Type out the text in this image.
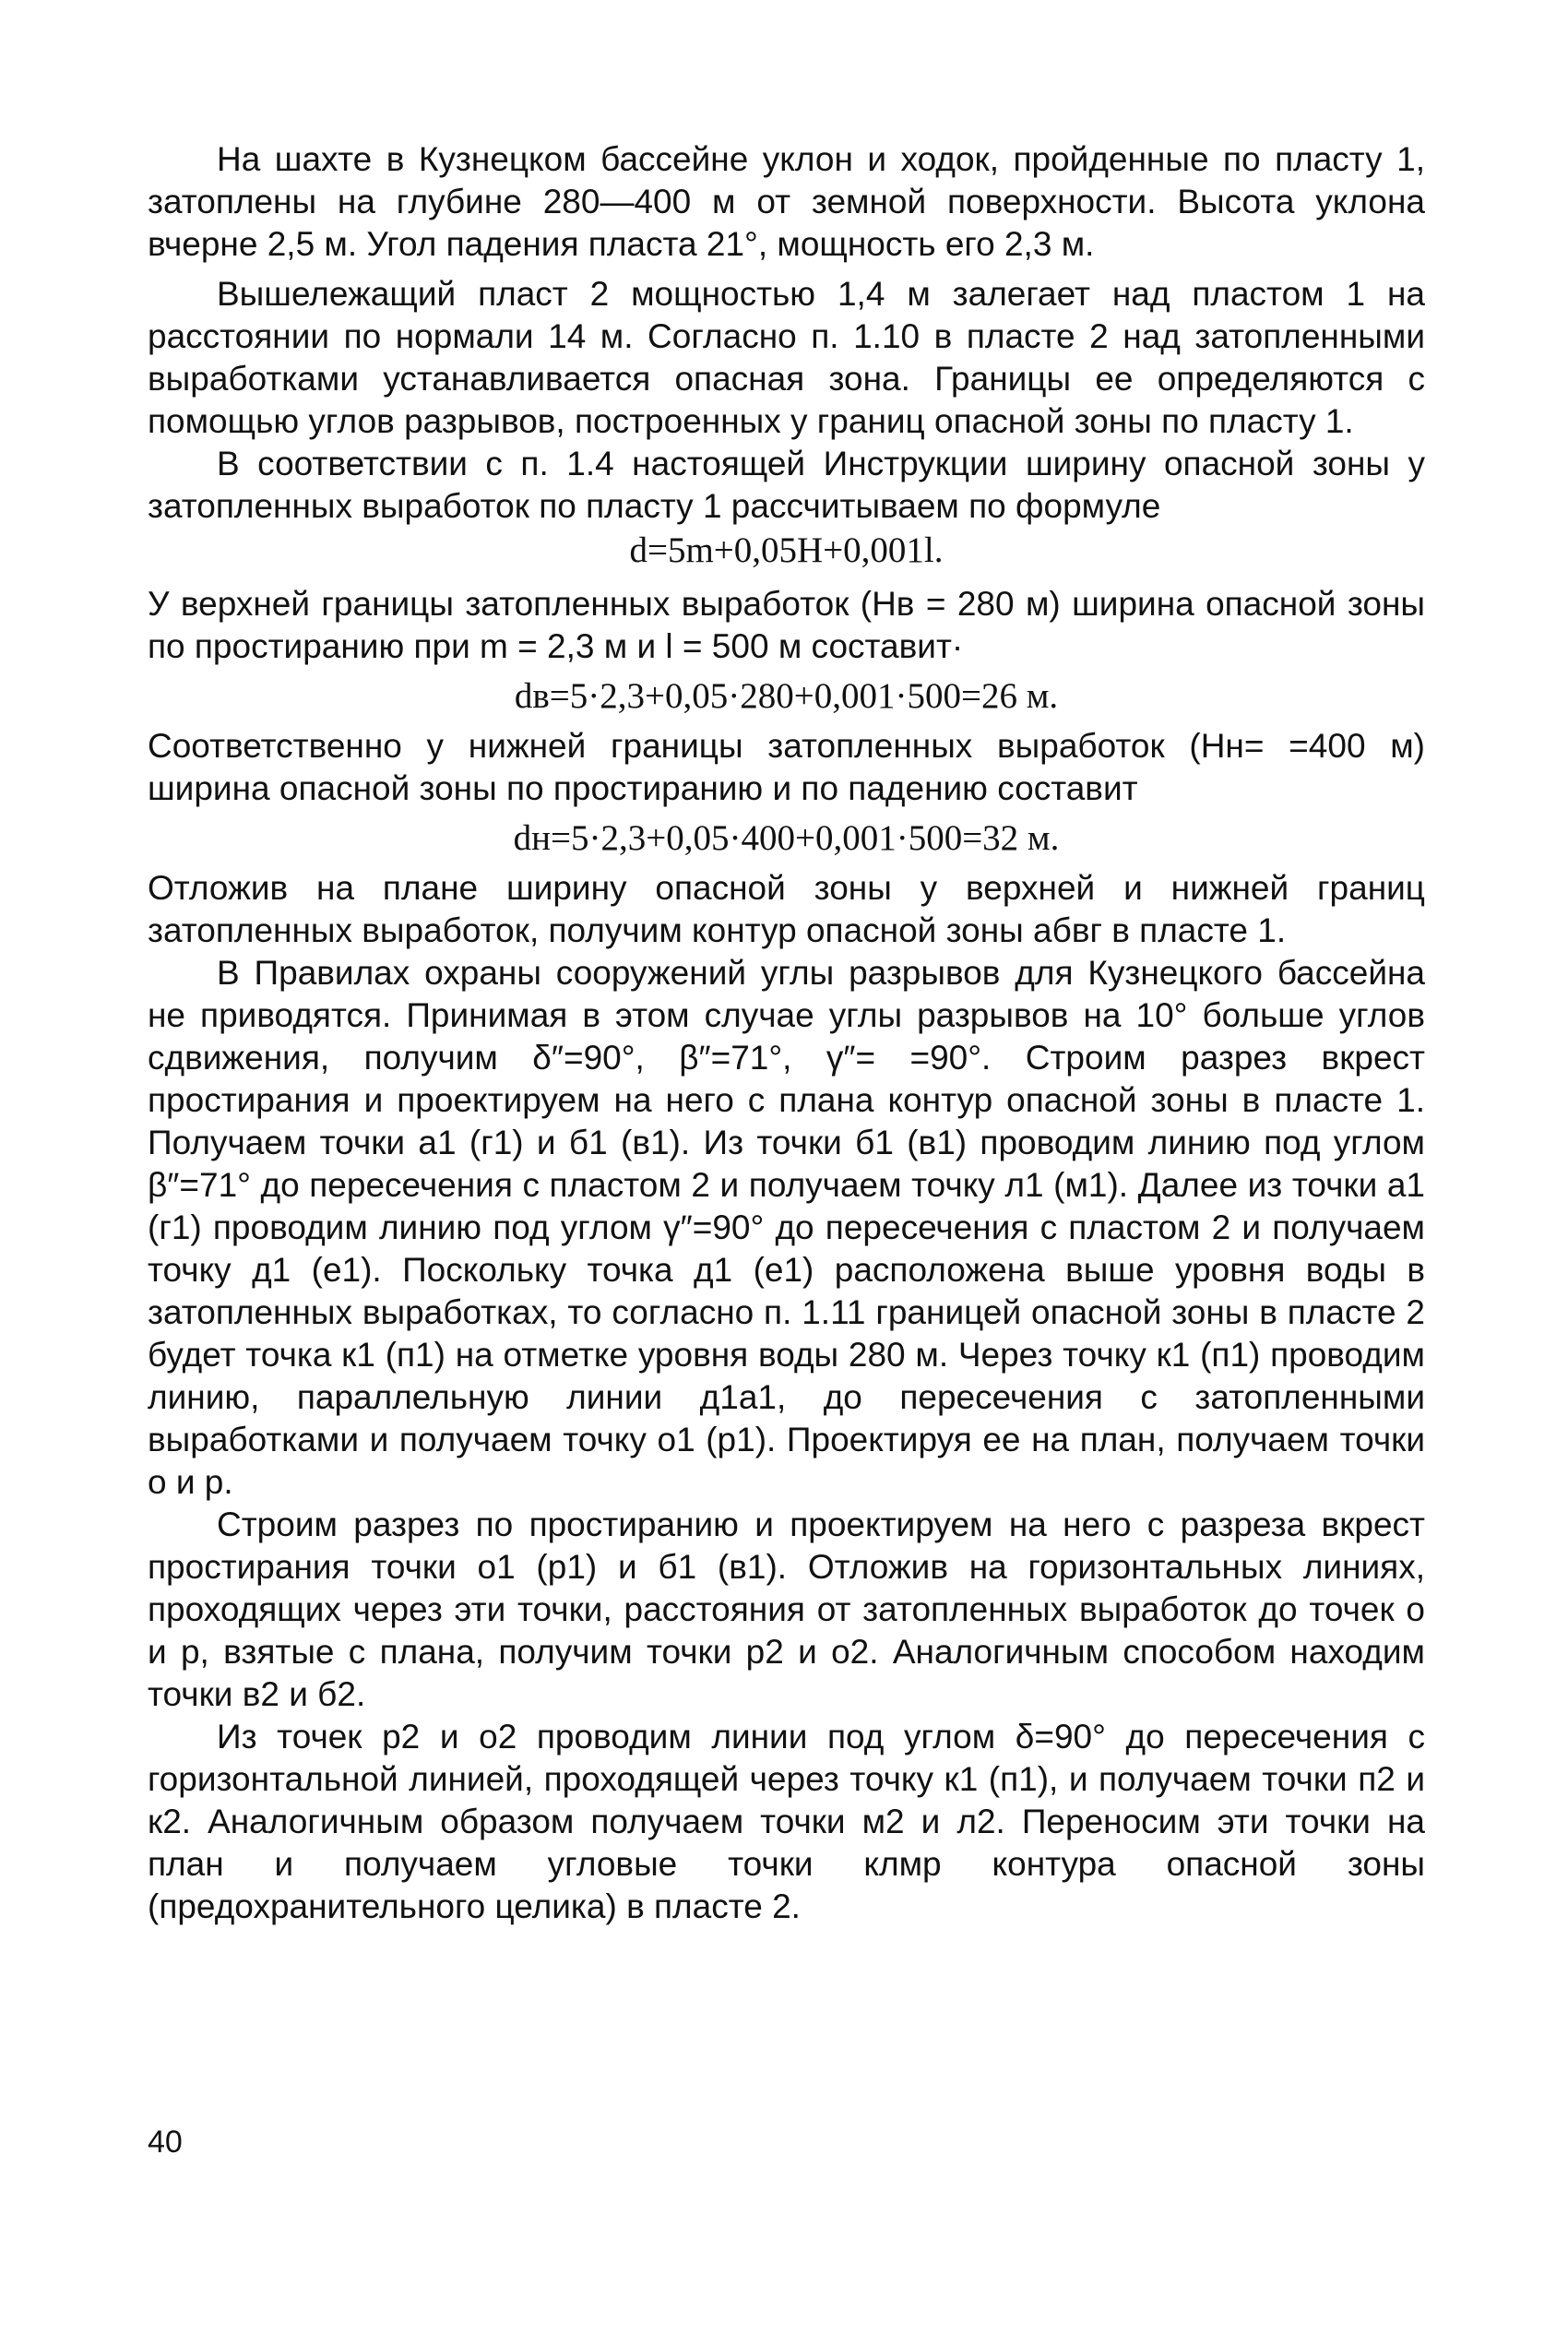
На шахте в Кузнецком бассейне уклон и ходок, пройденные по пласту 1, затоплены на глубине 280—400 м от земной поверхности. Высота уклона вчерне 2,5 м. Угол падения пласта 21°, мощность его 2,3 м.

Вышележащий пласт 2 мощностью 1,4 м залегает над пластом 1 на расстоянии по нормали 14 м. Согласно п. 1.10 в пласте 2 над затопленными выработками устанавливается опасная зона. Границы ее определяются с помощью углов разрывов, построенных у границ опасной зоны по пласту 1.

В соответствии с п. 1.4 настоящей Инструкции ширину опасной зоны у затопленных выработок по пласту 1 рассчитываем по формуле

d=5m+0,05H+0,001l.

У верхней границы затопленных выработок (Hв = 280 м) ширина опасной зоны по простиранию при m = 2,3 м и l = 500 м составит·

dв=5·2,3+0,05·280+0,001·500=26 м.

Соответственно у нижней границы затопленных выработок (Hн= =400 м) ширина опасной зоны по простиранию и по падению составит

dн=5·2,3+0,05·400+0,001·500=32 м.

Отложив на плане ширину опасной зоны у верхней и нижней границ затопленных выработок, получим контур опасной зоны абвг в пласте 1.

В Правилах охраны сооружений углы разрывов для Кузнецкого бассейна не приводятся. Принимая в этом случае углы разрывов на 10° больше углов сдвижения, получим δ″=90°, β″=71°, γ″= =90°. Строим разрез вкрест простирания и проектируем на него с плана контур опасной зоны в пласте 1. Получаем точки а1 (г1) и б1 (в1). Из точки б1 (в1) проводим линию под углом β″=71° до пересечения с пластом 2 и получаем точку л1 (м1). Далее из точки а1 (г1) проводим линию под углом γ″=90° до пересечения с пластом 2 и получаем точку д1 (е1). Поскольку точка д1 (е1) расположена выше уровня воды в затопленных выработках, то согласно п. 1.11 границей опасной зоны в пласте 2 будет точка к1 (п1) на отметке уровня воды 280 м. Через точку к1 (п1) проводим линию, параллельную линии д1а1, до пересечения с затопленными выработками и получаем точку о1 (р1). Проектируя ее на план, получаем точки о и р.

Строим разрез по простиранию и проектируем на него с разреза вкрест простирания точки о1 (р1) и б1 (в1). Отложив на горизонтальных линиях, проходящих через эти точки, расстояния от затопленных выработок до точек о и р, взятые с плана, получим точки р2 и о2. Аналогичным способом находим точки в2 и б2.

Из точек р2 и о2 проводим линии под углом δ=90° до пересечения с горизонтальной линией, проходящей через точку к1 (п1), и получаем точки п2 и к2. Аналогичным образом получаем точки м2 и л2. Переносим эти точки на план и получаем угловые точки клмр контура опасной зоны (предохранительного целика) в пласте 2.

40
